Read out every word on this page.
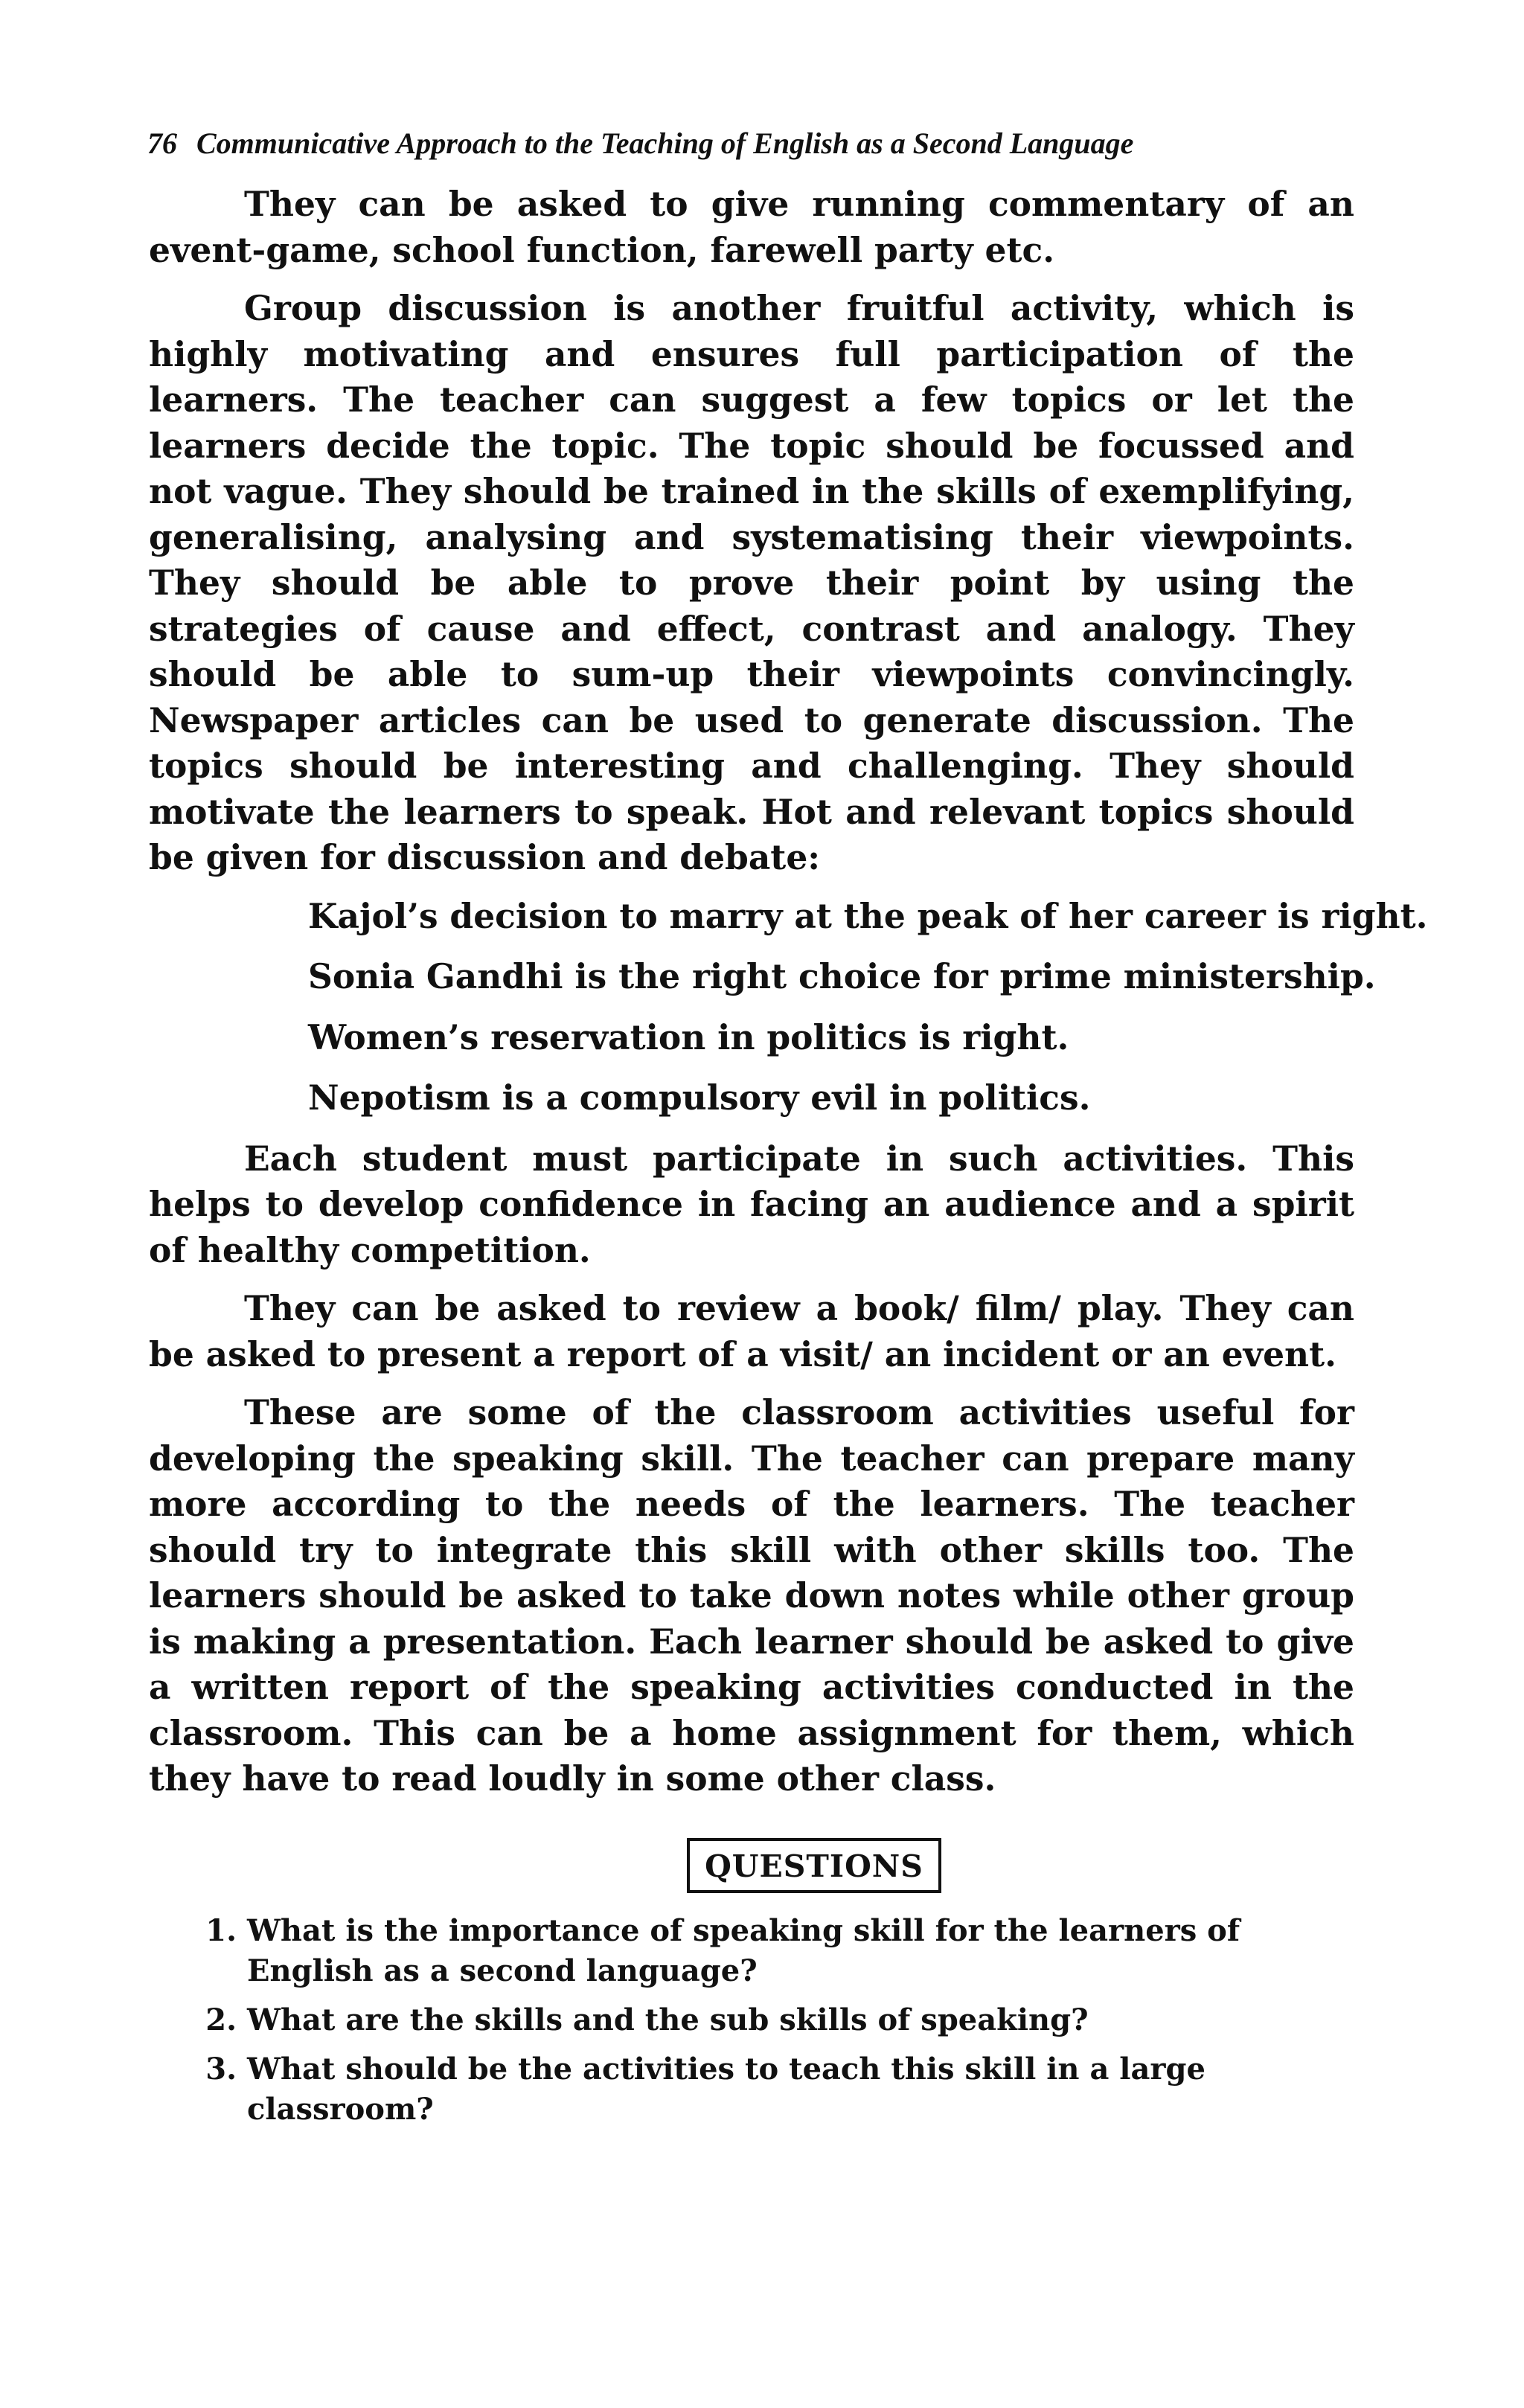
76 Communicative Approach to the Teaching of English as a Second Language

They can be asked to give running commentary of an event-game, school function, farewell party etc.

Group discussion is another fruitful activity, which is highly motivating and ensures full participation of the learners. The teacher can suggest a few topics or let the learners decide the topic. The topic should be focussed and not vague. They should be trained in the skills of exemplifying, generalising, analysing and systematising their viewpoints. They should be able to prove their point by using the strategies of cause and effect, contrast and analogy. They should be able to sum-up their viewpoints convincingly. Newspaper articles can be used to generate discussion. The topics should be interesting and challenging. They should motivate the learners to speak. Hot and relevant topics should be given for discussion and debate:

Kajol’s decision to marry at the peak of her career is right.
Sonia Gandhi is the right choice for prime ministership.
Women’s reservation in politics is right.
Nepotism is a compulsory evil in politics.

Each student must participate in such activities. This helps to develop confidence in facing an audience and a spirit of healthy competition.

They can be asked to review a book/ film/ play. They can be asked to present a report of a visit/ an incident or an event.

These are some of the classroom activities useful for developing the speaking skill. The teacher can prepare many more according to the needs of the learners. The teacher should try to integrate this skill with other skills too. The learners should be asked to take down notes while other group is making a presentation. Each learner should be asked to give a written report of the speaking activities conducted in the classroom. This can be a home assignment for them, which they have to read loudly in some other class.

QUESTIONS
1. What is the importance of speaking skill for the learners of English as a second language?
2. What are the skills and the sub skills of speaking?
3. What should be the activities to teach this skill in a large classroom?
